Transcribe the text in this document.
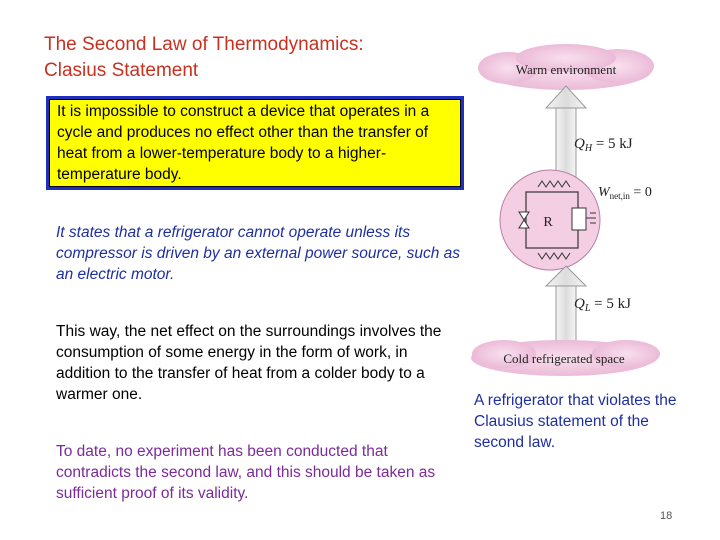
The Second Law of Thermodynamics:
Clasius Statement
It is impossible to construct a device that operates in a cycle and produces no effect other than the transfer of heat from a lower-temperature body to a higher-temperature body.
It states that a refrigerator cannot operate unless its compressor is driven by an external power source, such as an electric motor.
This way, the net effect on the surroundings involves the consumption of some energy in the form of work, in addition to the transfer of heat from a colder body to a warmer one.
To date, no experiment has been conducted that contradicts the second law, and this should be taken as sufficient proof of its validity.
Warm environment
$Q_H = 5$ kJ
R
$W_{net,in} = 0$
$Q_L = 5$ kJ
Cold refrigerated space
A refrigerator that violates the Clausius statement of the second law.
18
